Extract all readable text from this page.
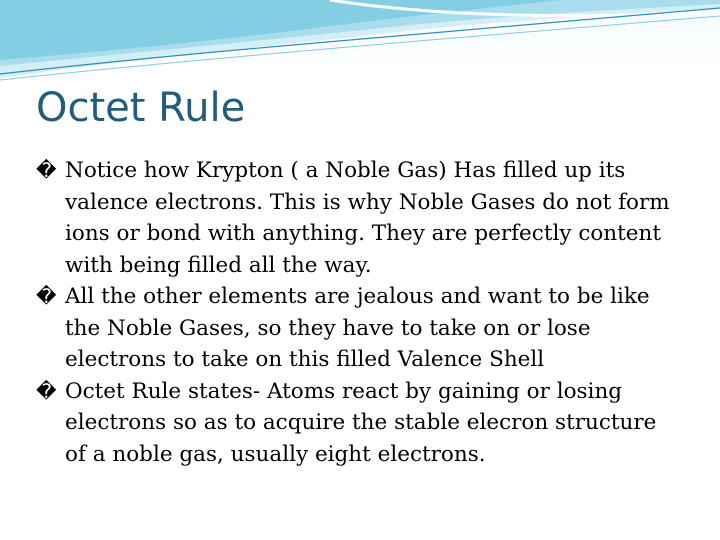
Octet Rule
� Notice how Krypton ( a Noble Gas) Has filled up its valence electrons. This is why Noble Gases do not form ions or bond with anything. They are perfectly content with being filled all the way.
� All the other elements are jealous and want to be like the Noble Gases, so they have to take on or lose electrons to take on this filled Valence Shell
� Octet Rule states- Atoms react by gaining or losing electrons so as to acquire the stable elecron structure of a noble gas, usually eight electrons.
